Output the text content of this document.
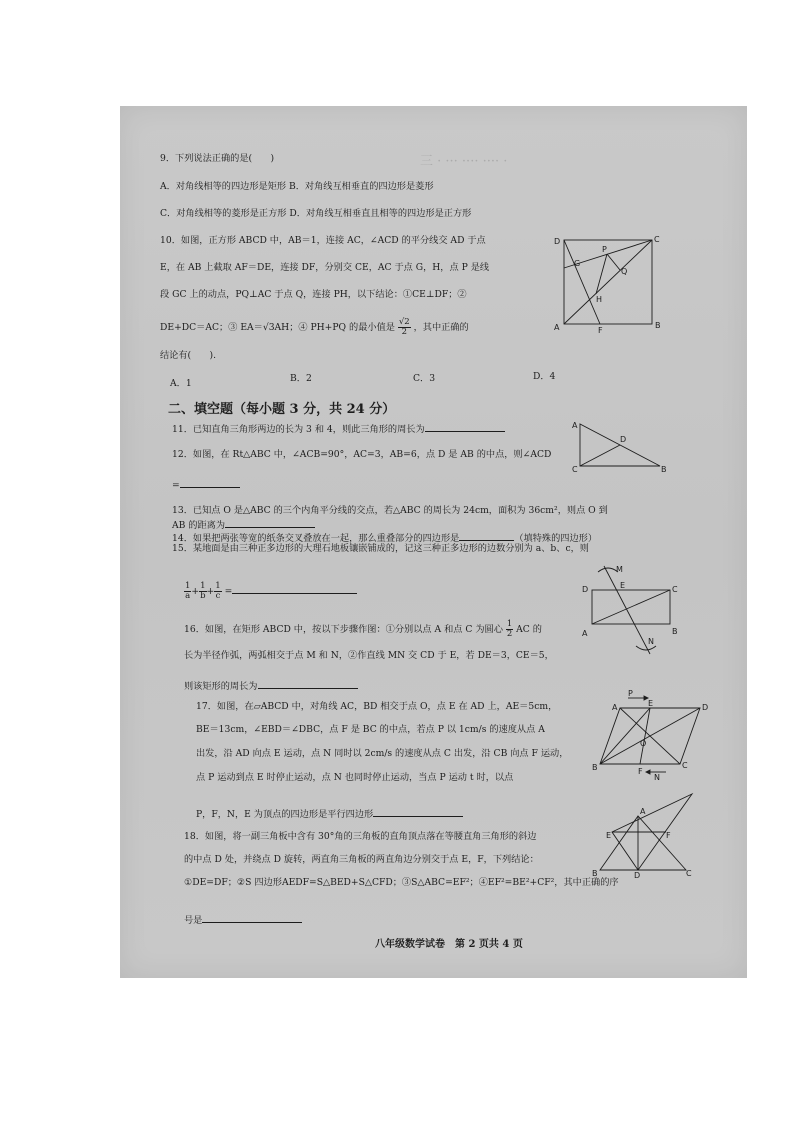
三 · ··· ···· ···· ·
9．下列说法正确的是(　　)
A．对角线相等的四边形是矩形 B．对角线互相垂直的四边形是菱形
C．对角线相等的菱形是正方形 D．对角线互相垂直且相等的四边形是正方形
10．如图，正方形 ABCD 中，AB＝1，连接 AC，∠ACD 的平分线交 AD 于点
E，在 AB 上截取 AF＝DE，连接 DF，分别交 CE，AC 于点 G，H，点 P 是线
段 GC 上的动点，PQ⊥AC 于点 Q，连接 PH，以下结论：①CE⊥DF；②
DE+DC＝AC；③ EA＝√3AH；④ PH+PQ 的最小值是 $\frac{√2}{2}$ ，其中正确的
结论有(　　).
A．1	B．2	C．3	D．4
D	C
A	B
G
P
Q
H
F
二、填空题（每小题 3 分，共 24 分）
11．已知直角三角形两边的长为 3 和 4，则此三角形的周长为
12．如图，在 Rt△ABC 中，∠ACB=90°，AC=3，AB=6，点 D 是 AB 的中点，则∠ACD
=
A
D
C	B
13．已知点 O 是△ABC 的三个内角平分线的交点，若△ABC 的周长为 24cm，面积为 36cm²，则点 O 到
AB 的距离为
14．如果把两张等宽的纸条交叉叠放在一起，那么重叠部分的四边形是	（填特殊的四边形）
15．某地面是由三种正多边形的大理石地板镶嵌铺成的，记这三种正多边形的边数分别为 a、b、c，则
$\frac{1}{a} + \frac{1}{b} + \frac{1}{c}$ =
16．如图，在矩形 ABCD 中，按以下步骤作图：①分别以点 A 和点 C 为圆心 $\frac{1}{2}$ AC 的
长为半径作弧，两弧相交于点 M 和 N，②作直线 MN 交 CD 于 E，若 DE＝3，CE＝5，
则该矩形的周长为
M
D	E	C
A	B
N
17．如图，在▱ABCD 中，对角线 AC，BD 相交于点 O，点 E 在 AD 上，AE＝5cm，
BE＝13cm，∠EBD＝∠DBC，点 F 是 BC 的中点，若点 P 以 1cm/s 的速度从点 A
出发，沿 AD 向点 E 运动，点 N 同时以 2cm/s 的速度从点 C 出发，沿 CB 向点 F 运动，
点 P 运动到点 E 时停止运动，点 N 也同时停止运动，当点 P 运动 t 时，以点
P，F，N，E 为顶点的四边形是平行四边形
P
A	E	D
O
B	F
N
C
18．如图，将一副三角板中含有 30°角的三角板的直角顶点落在等腰直角三角形的斜边
的中点 D 处，并绕点 D 旋转，两直角三角板的两直角边分别交于点 E，F，下列结论：
①DE=DF；②S 四边形AEDF=S△BED+S△CFD；③S△ABC=EF²；④EF²=BE²+CF²，其中正确的序
号是
A
E	F
B	D	C
八年级数学试卷　第 2 页共 4 页
